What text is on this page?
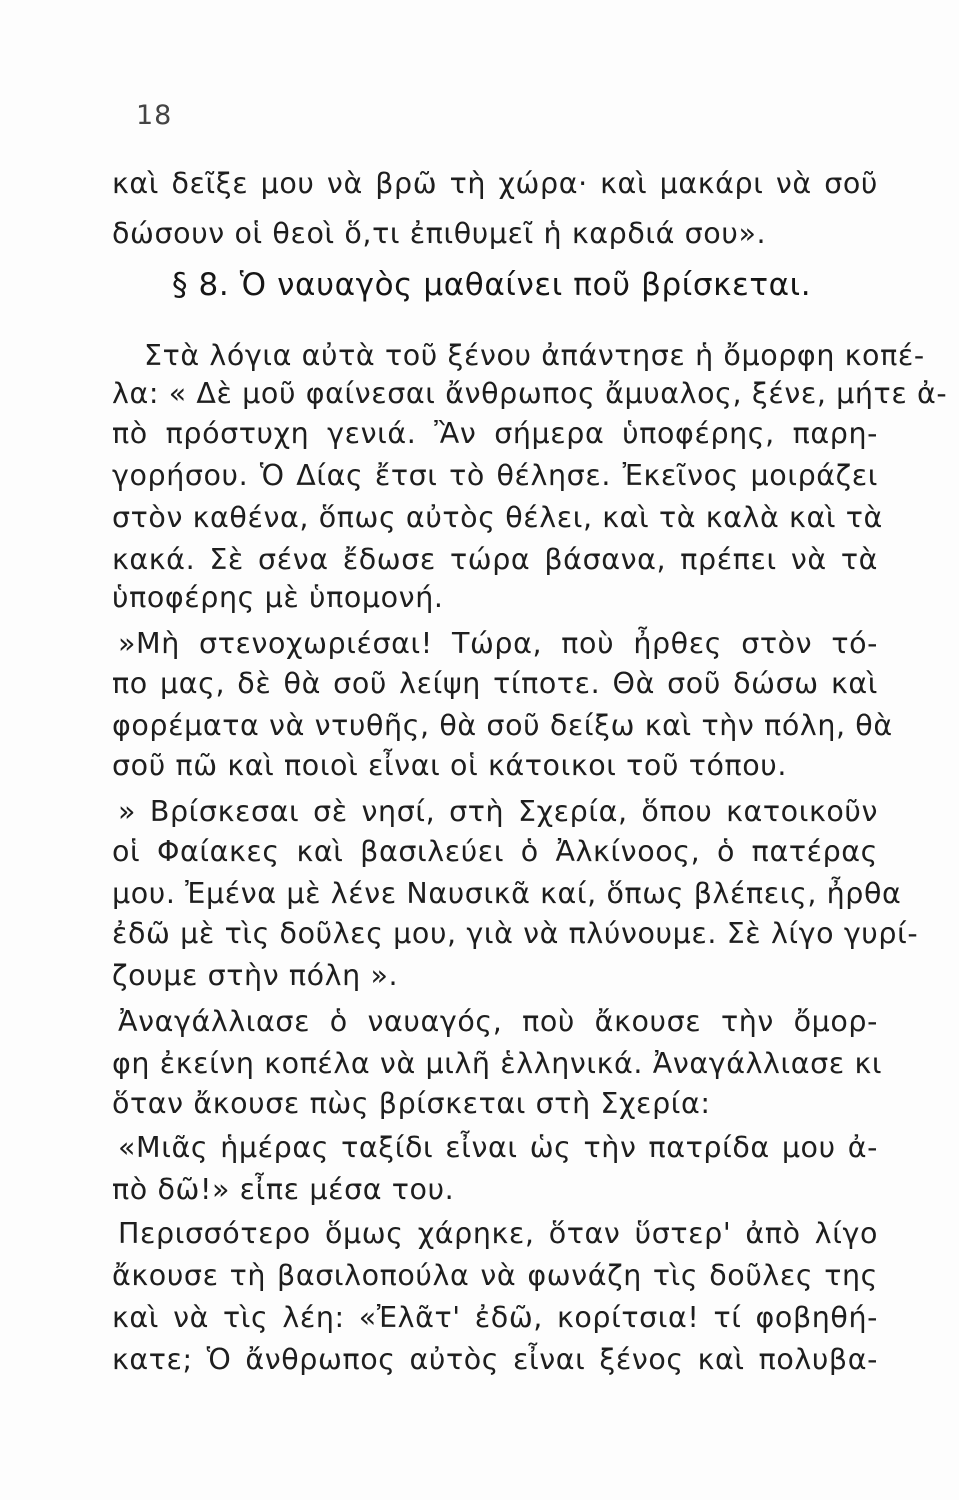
18
καὶ δεῖξε μου νὰ βρῶ τὴ χώρα· καὶ μακάρι νὰ σοῦ
δώσουν οἱ θεοὶ ὅ,τι ἐπιθυμεῖ ἡ καρδιά σου».
§ 8. Ὁ ναυαγὸς μαθαίνει ποῦ βρίσκεται.
Στὰ λόγια αὐτὰ τοῦ ξένου ἀπάντησε ἡ ὄμορφη κοπέ-
λα: « Δὲ μοῦ φαίνεσαι ἄνθρωπος ἄμυαλος, ξένε, μήτε ἀ-
πὸ πρόστυχη γενιά. Ἂν σήμερα ὑποφέρης, παρη-
γορήσου. Ὁ Δίας ἔτσι τὸ θέλησε. Ἐκεῖνος μοιράζει
στὸν καθένα, ὅπως αὐτὸς θέλει, καὶ τὰ καλὰ καὶ τὰ
κακά. Σὲ σένα ἔδωσε τώρα βάσανα, πρέπει νὰ τὰ
ὑποφέρης μὲ ὑπομονή.
»Μὴ στενοχωριέσαι! Τώρα, ποὺ ἦρθες στὸν τό-
πο μας, δὲ θὰ σοῦ λείψη τίποτε. Θὰ σοῦ δώσω καὶ
φορέματα νὰ ντυθῆς, θὰ σοῦ δείξω καὶ τὴν πόλη, θὰ
σοῦ πῶ καὶ ποιοὶ εἶναι οἱ κάτοικοι τοῦ τόπου.
» Βρίσκεσαι σὲ νησί, στὴ Σχερία, ὅπου κατοικοῦν
οἱ Φαίακες καὶ βασιλεύει ὁ Ἀλκίνοος, ὁ πατέρας
μου. Ἐμένα μὲ λένε Ναυσικᾶ καί, ὅπως βλέπεις, ἦρθα
ἐδῶ μὲ τὶς δοῦλες μου, γιὰ νὰ πλύνουμε. Σὲ λίγο γυρί-
ζουμε στὴν πόλη ».
Ἀναγάλλιασε ὁ ναυαγός, ποὺ ἄκουσε τὴν ὄμορ-
φη ἐκείνη κοπέλα νὰ μιλῆ ἑλληνικά. Ἀναγάλλιασε κι
ὅταν ἄκουσε πὼς βρίσκεται στὴ Σχερία:
«Μιᾶς ἡμέρας ταξίδι εἶναι ὡς τὴν πατρίδα μου ἀ-
πὸ δῶ!» εἶπε μέσα του.
Περισσότερο ὅμως χάρηκε, ὅταν ὕστερ' ἀπὸ λίγο
ἄκουσε τὴ βασιλοπούλα νὰ φωνάζη τὶς δοῦλες της
καὶ νὰ τὶς λέη: «Ἐλᾶτ' ἐδῶ, κορίτσια! τί φοβηθή-
κατε; Ὁ ἄνθρωπος αὐτὸς εἶναι ξένος καὶ πολυβα-
